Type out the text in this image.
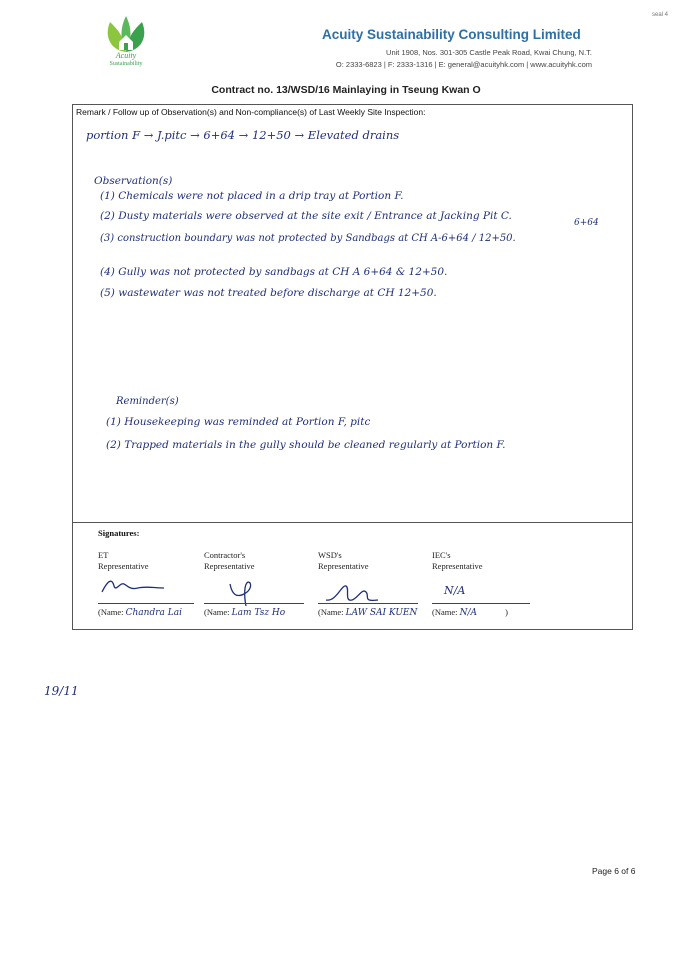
seal 4
Acuity
Sustainability
Acuity Sustainability Consulting Limited
Unit 1908, Nos. 301-305 Castle Peak Road, Kwai Chung, N.T.
O: 2333-6823 | F: 2333-1316 | E: general@acuityhk.com | www.acuityhk.com
Contract no. 13/WSD/16 Mainlaying in Tseung Kwan O
Remark / Follow up of Observation(s) and Non-compliance(s) of Last Weekly Site Inspection:
portion F → J.pitc → 6+64 → 12+50 → Elevated drains
Observation(s)
(1) Chemicals were not placed in a drip tray at Portion F.
(2) Dusty materials were observed at the site exit / Entrance at Jacking Pit C.
6+64
(3) construction boundary was not protected by Sandbags at CH A-6+64 / 12+50.
(4) Gully was not protected by sandbags at CH A 6+64 & 12+50.
(5) wastewater was not treated before discharge at CH 12+50.
Reminder(s)
(1) Housekeeping was reminded at Portion F, pitc
(2) Trapped materials in the gully should be cleaned regularly at Portion F.
Signatures:
ET
Representative
(Name: Chandra Lai
Contractor's
Representative
(Name: Lam Tsz Ho
WSD's
Representative
(Name: LAW SAI KUEN
IEC's
Representative
N/A
(Name: N/A	)
19/11
Page 6 of 6
